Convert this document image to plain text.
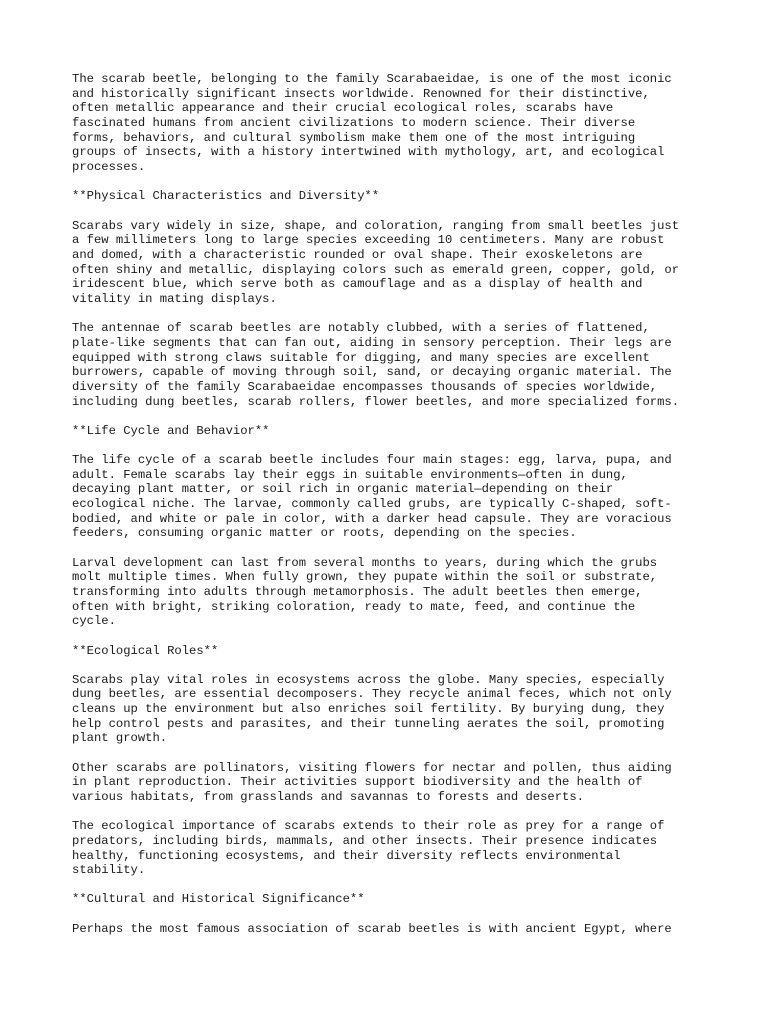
The scarab beetle, belonging to the family Scarabaeidae, is one of the most iconic
and historically significant insects worldwide. Renowned for their distinctive,
often metallic appearance and their crucial ecological roles, scarabs have
fascinated humans from ancient civilizations to modern science. Their diverse
forms, behaviors, and cultural symbolism make them one of the most intriguing
groups of insects, with a history intertwined with mythology, art, and ecological
processes.
**Physical Characteristics and Diversity**
Scarabs vary widely in size, shape, and coloration, ranging from small beetles just
a few millimeters long to large species exceeding 10 centimeters. Many are robust
and domed, with a characteristic rounded or oval shape. Their exoskeletons are
often shiny and metallic, displaying colors such as emerald green, copper, gold, or
iridescent blue, which serve both as camouflage and as a display of health and
vitality in mating displays.
The antennae of scarab beetles are notably clubbed, with a series of flattened,
plate-like segments that can fan out, aiding in sensory perception. Their legs are
equipped with strong claws suitable for digging, and many species are excellent
burrowers, capable of moving through soil, sand, or decaying organic material. The
diversity of the family Scarabaeidae encompasses thousands of species worldwide,
including dung beetles, scarab rollers, flower beetles, and more specialized forms.
**Life Cycle and Behavior**
The life cycle of a scarab beetle includes four main stages: egg, larva, pupa, and
adult. Female scarabs lay their eggs in suitable environments—often in dung,
decaying plant matter, or soil rich in organic material—depending on their
ecological niche. The larvae, commonly called grubs, are typically C-shaped, soft-
bodied, and white or pale in color, with a darker head capsule. They are voracious
feeders, consuming organic matter or roots, depending on the species.
Larval development can last from several months to years, during which the grubs
molt multiple times. When fully grown, they pupate within the soil or substrate,
transforming into adults through metamorphosis. The adult beetles then emerge,
often with bright, striking coloration, ready to mate, feed, and continue the
cycle.
**Ecological Roles**
Scarabs play vital roles in ecosystems across the globe. Many species, especially
dung beetles, are essential decomposers. They recycle animal feces, which not only
cleans up the environment but also enriches soil fertility. By burying dung, they
help control pests and parasites, and their tunneling aerates the soil, promoting
plant growth.
Other scarabs are pollinators, visiting flowers for nectar and pollen, thus aiding
in plant reproduction. Their activities support biodiversity and the health of
various habitats, from grasslands and savannas to forests and deserts.
The ecological importance of scarabs extends to their role as prey for a range of
predators, including birds, mammals, and other insects. Their presence indicates
healthy, functioning ecosystems, and their diversity reflects environmental
stability.
**Cultural and Historical Significance**
Perhaps the most famous association of scarab beetles is with ancient Egypt, where
